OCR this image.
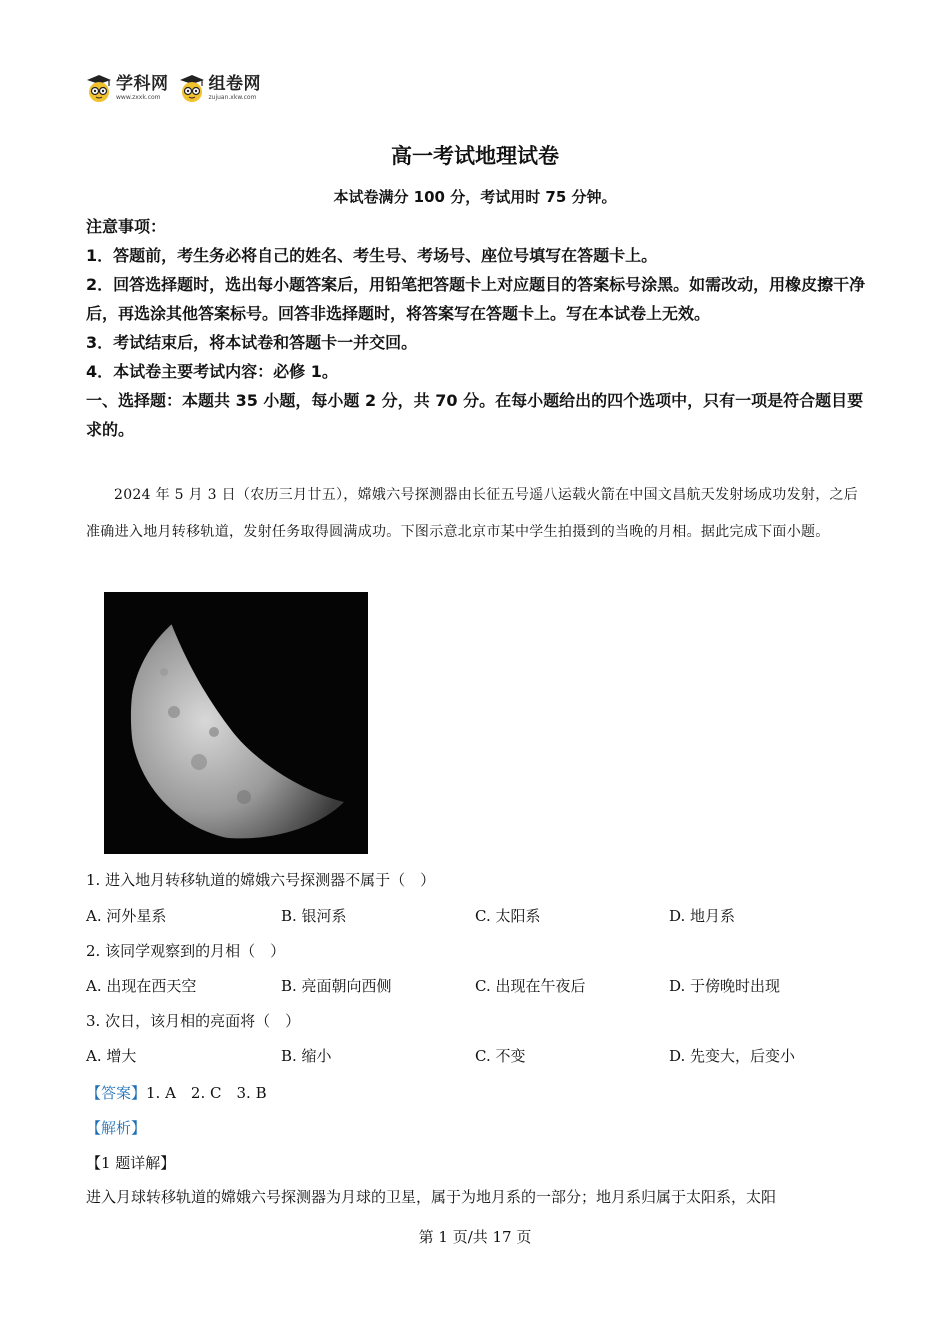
学科网
www.zxxk.com
组卷网
zujuan.xkw.com
高一考试地理试卷
本试卷满分 100 分，考试用时 75 分钟。

注意事项：

1．答题前，考生务必将自己的姓名、考生号、考场号、座位号填写在答题卡上。

2．回答选择题时，选出每小题答案后，用铅笔把答题卡上对应题目的答案标号涂黑。如需改动，用橡皮擦干净后，再选涂其他答案标号。回答非选择题时，将答案写在答题卡上。写在本试卷上无效。

3．考试结束后，将本试卷和答题卡一并交回。

4．本试卷主要考试内容：必修 1。

一、选择题：本题共 35 小题，每小题 2 分，共 70 分。在每小题给出的四个选项中，只有一项是符合题目要求的。

2024 年 5 月 3 日（农历三月廿五），嫦娥六号探测器由长征五号遥八运载火箭在中国文昌航天发射场成功发射，之后准确进入地月转移轨道，发射任务取得圆满成功。下图示意北京市某中学生拍摄到的当晚的月相。据此完成下面小题。
1. 进入地月转移轨道的嫦娥六号探测器不属于（　）
A. 河外星系	B. 银河系	C. 太阳系	D. 地月系
2. 该同学观察到的月相（　）
A. 出现在西天空	B. 亮面朝向西侧	C. 出现在午夜后	D. 于傍晚时出现
3. 次日，该月相的亮面将（　）
A. 增大	B. 缩小	C. 不变	D. 先变大，后变小
【答案】1. A　2. C　3. B
【解析】
【1 题详解】
进入月球转移轨道的嫦娥六号探测器为月球的卫星，属于为地月系的一部分；地月系归属于太阳系，太阳
第 1 页/共 17 页
